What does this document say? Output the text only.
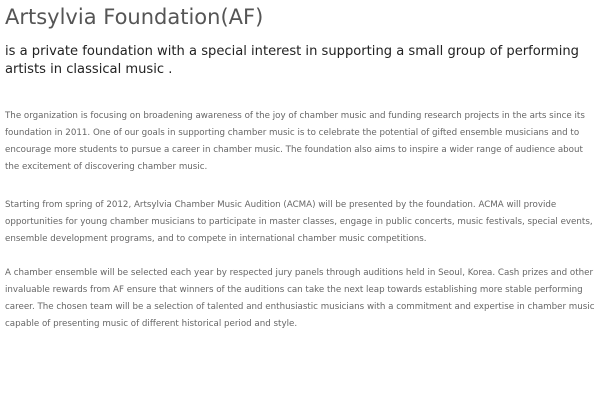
Artsylvia Foundation(AF)

is a private foundation with a special interest in supporting a small group of performing artists in classical music .

The organization is focusing on broadening awareness of the joy of chamber music and funding research projects in the arts since its foundation in 2011. One of our goals in supporting chamber music is to celebrate the potential of gifted ensemble musicians and to encourage more students to pursue a career in chamber music. The foundation also aims to inspire a wider range of audience about the excitement of discovering chamber music.

Starting from spring of 2012, Artsylvia Chamber Music Audition (ACMA) will be presented by the foundation. ACMA will provide opportunities for young chamber musicians to participate in master classes, engage in public concerts, music festivals, special events, ensemble development programs, and to compete in international chamber music competitions.

A chamber ensemble will be selected each year by respected jury panels through auditions held in Seoul, Korea. Cash prizes and other invaluable rewards from AF ensure that winners of the auditions can take the next leap towards establishing more stable performing career. The chosen team will be a selection of talented and enthusiastic musicians with a commitment and expertise in chamber music capable of presenting music of different historical period and style.
